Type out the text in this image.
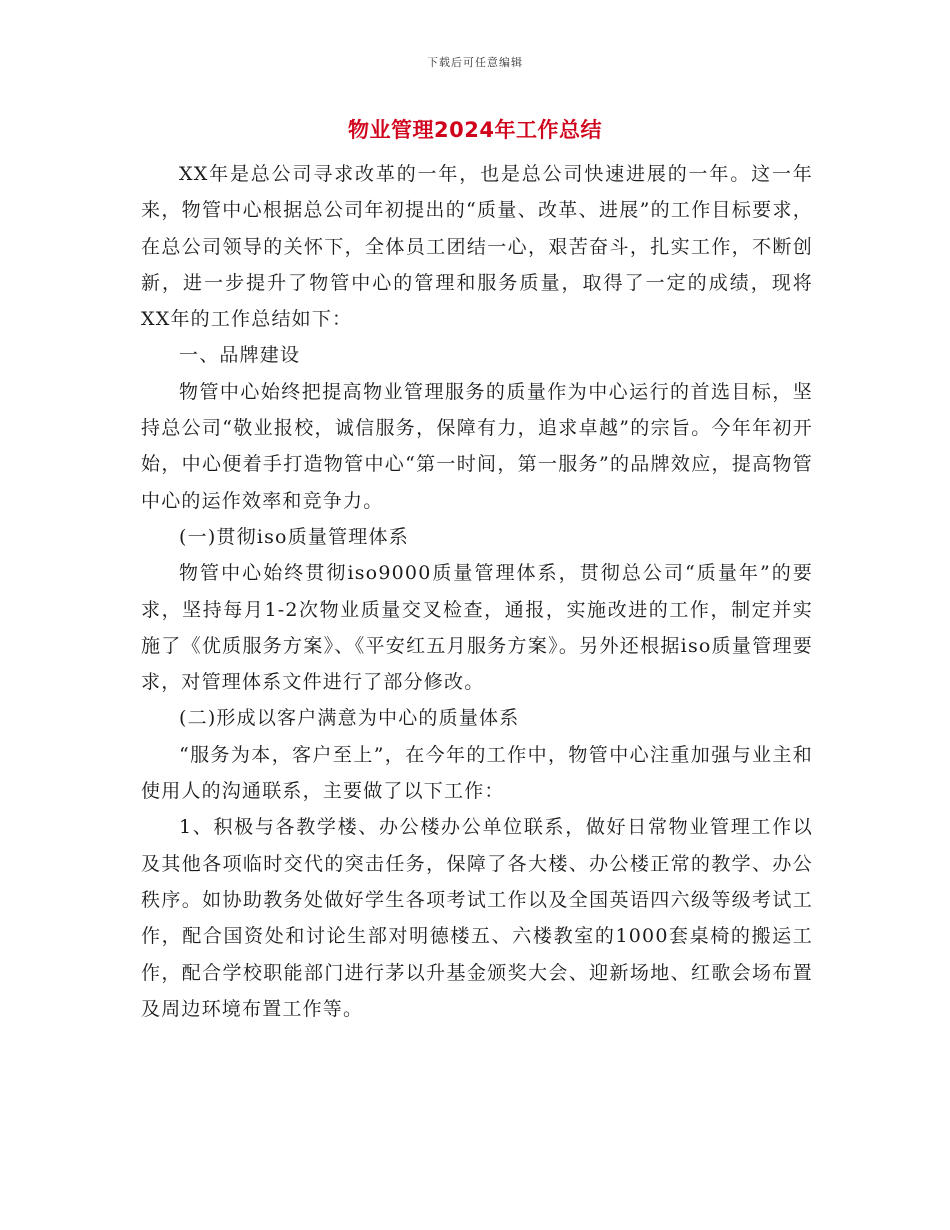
下载后可任意编辑
物业管理2024年工作总结

XX年是总公司寻求改革的一年，也是总公司快速进展的一年。这一年来，物管中心根据总公司年初提出的“质量、改革、进展”的工作目标要求，在总公司领导的关怀下，全体员工团结一心，艰苦奋斗，扎实工作，不断创新，进一步提升了物管中心的管理和服务质量，取得了一定的成绩，现将XX年的工作总结如下：

一、品牌建设

物管中心始终把提高物业管理服务的质量作为中心运行的首选目标，坚持总公司“敬业报校，诚信服务，保障有力，追求卓越”的宗旨。今年年初开始，中心便着手打造物管中心“第一时间，第一服务”的品牌效应，提高物管中心的运作效率和竞争力。

(一)贯彻iso质量管理体系

物管中心始终贯彻iso9000质量管理体系，贯彻总公司“质量年”的要求，坚持每月1-2次物业质量交叉检查，通报，实施改进的工作，制定并实施了《优质服务方案》、《平安红五月服务方案》。另外还根据iso质量管理要求，对管理体系文件进行了部分修改。

(二)形成以客户满意为中心的质量体系

“服务为本，客户至上”，在今年的工作中，物管中心注重加强与业主和使用人的沟通联系，主要做了以下工作：

1、积极与各教学楼、办公楼办公单位联系，做好日常物业管理工作以及其他各项临时交代的突击任务，保障了各大楼、办公楼正常的教学、办公秩序。如协助教务处做好学生各项考试工作以及全国英语四六级等级考试工作，配合国资处和讨论生部对明德楼五、六楼教室的1000套桌椅的搬运工作，配合学校职能部门进行茅以升基金颁奖大会、迎新场地、红歌会场布置及周边环境布置工作等。
